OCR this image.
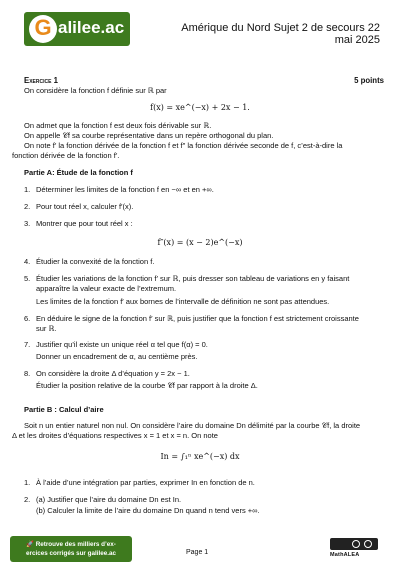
G alilee.ac	Amérique du Nord Sujet 2 de secours 22
mai 2025
Exercice 1	5 points
On considère la fonction f définie sur ℝ par
f(x) = xe^(−x) + 2x − 1.
On admet que la fonction f est deux fois dérivable sur ℝ.
On appelle 𝒞f sa courbe représentative dans un repère orthogonal du plan.
On note f′ la fonction dérivée de la fonction f et f″ la fonction dérivée seconde de f, c’est-à-dire la
fonction dérivée de la fonction f′.
Partie A: Étude de la fonction f
1. Déterminer les limites de la fonction f en −∞ et en +∞.
2. Pour tout réel x, calculer f′(x).
3. Montrer que pour tout réel x :
f″(x) = (x − 2)e^(−x)
4. Étudier la convexité de la fonction f.
5. Étudier les variations de la fonction f′ sur ℝ, puis dresser son tableau de variations en y faisant
apparaître la valeur exacte de l’extremum.
Les limites de la fonction f′ aux bornes de l’intervalle de définition ne sont pas attendues.
6. En déduire le signe de la fonction f′ sur ℝ, puis justifier que la fonction f est strictement croissante
sur ℝ.
7. Justifier qu’il existe un unique réel α tel que f(α) = 0.
Donner un encadrement de α, au centième près.
8. On considère la droite Δ d’équation y = 2x − 1.
Étudier la position relative de la courbe 𝒞f par rapport à la droite Δ.
Partie B : Calcul d’aire
Soit n un entier naturel non nul. On considère l’aire du domaine Dn délimité par la courbe 𝒞f, la droite
Δ et les droites d’équations respectives x = 1 et x = n. On note
In = ∫₁ⁿ xe^(−x) dx
1. À l’aide d’une intégration par parties, exprimer In en fonction de n.
2. (a) Justifier que l’aire du domaine Dn est In.
(b) Calculer la limite de l’aire du domaine Dn quand n tend vers +∞.
🚀 Retrouve des milliers d’ex-
ercices corrigés sur galilee.ac	Page 1	MathALEA
